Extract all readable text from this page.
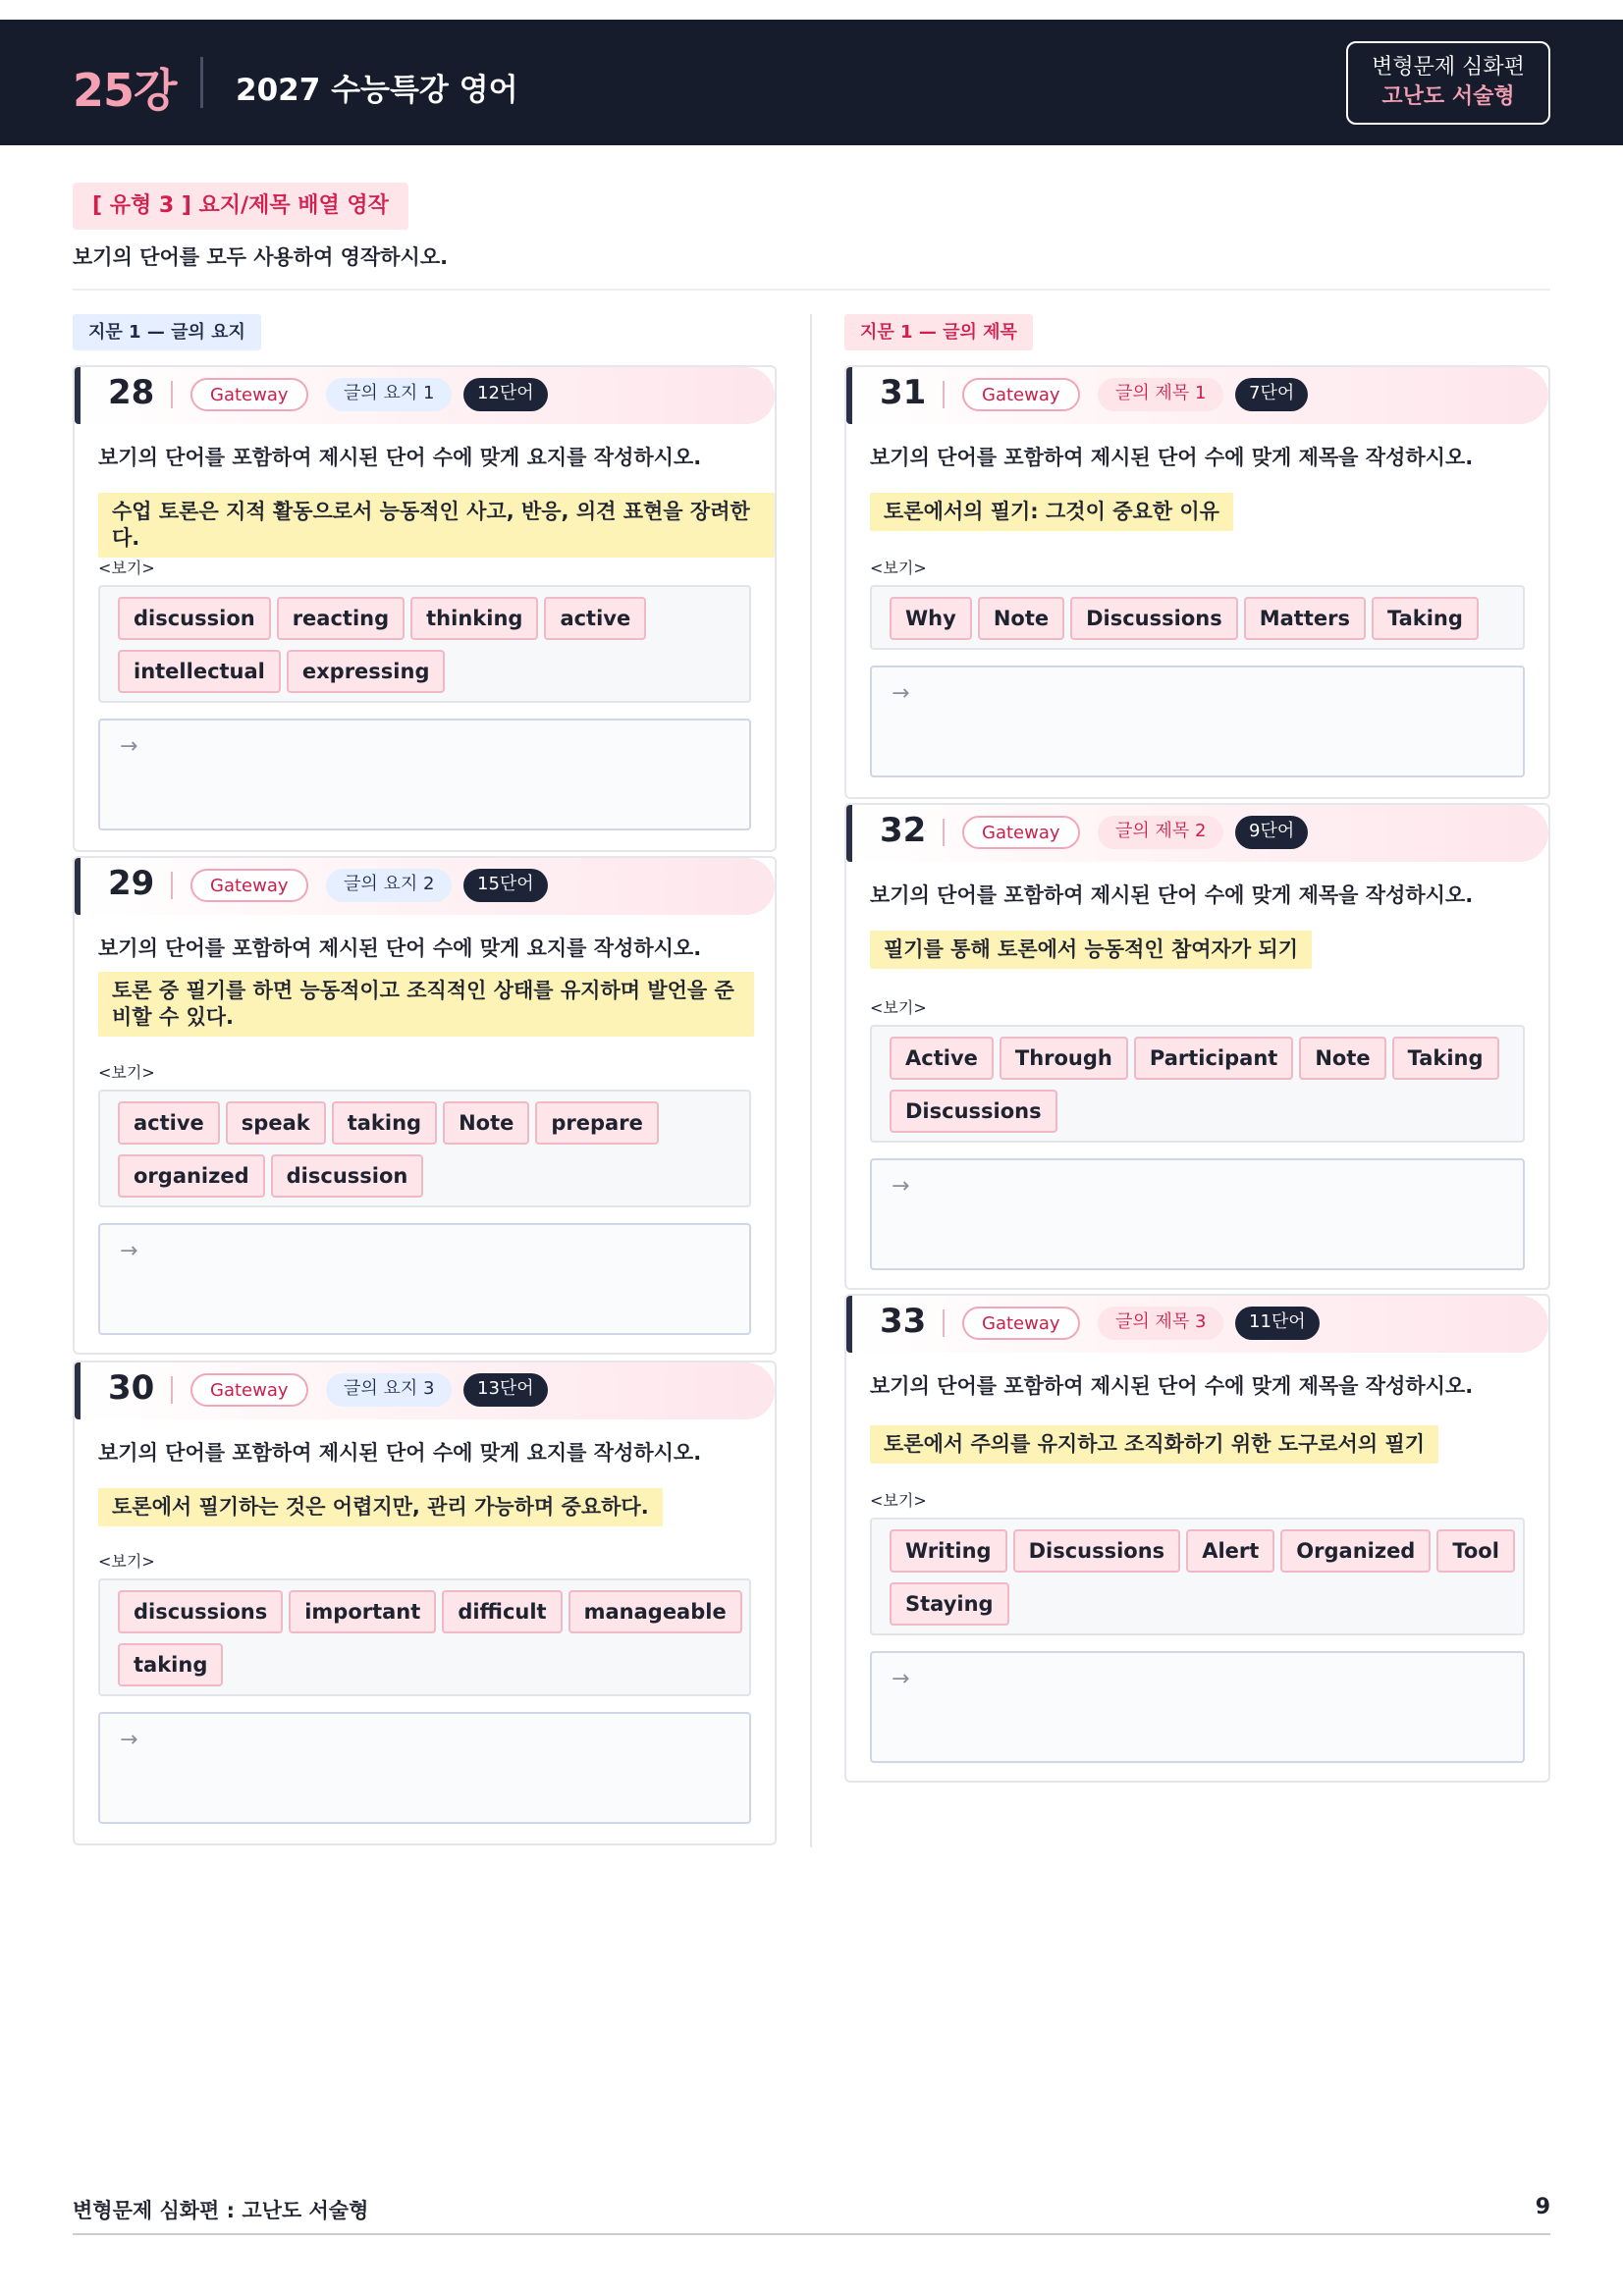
25강 2027 수능특강 영어
변형문제 심화편
고난도 서술형
[ 유형 3 ] 요지/제목 배열 영작
보기의 단어를 모두 사용하여 영작하시오.
지문 1 — 글의 요지	지문 1 — 글의 제목
28	Gateway	글의 요지 1	12단어
보기의 단어를 포함하여 제시된 단어 수에 맞게 요지를 작성하시오.
수업 토론은 지적 활동으로서 능동적인 사고, 반응, 의견 표현을 장려한다.
<보기>
discussion	reacting	thinking	active
intellectual	expressing
→
29	Gateway	글의 요지 2	15단어
보기의 단어를 포함하여 제시된 단어 수에 맞게 요지를 작성하시오.
토론 중 필기를 하면 능동적이고 조직적인 상태를 유지하며 발언을 준비할 수 있다.
<보기>
active	speak	taking	Note	prepare
organized	discussion
→
30	Gateway	글의 요지 3	13단어
보기의 단어를 포함하여 제시된 단어 수에 맞게 요지를 작성하시오.
토론에서 필기하는 것은 어렵지만, 관리 가능하며 중요하다.
<보기>
discussions	important	difficult	manageable
taking
→
31	Gateway	글의 제목 1	7단어
보기의 단어를 포함하여 제시된 단어 수에 맞게 제목을 작성하시오.
토론에서의 필기: 그것이 중요한 이유
<보기>
Why	Note	Discussions	Matters	Taking
→
32	Gateway	글의 제목 2	9단어
보기의 단어를 포함하여 제시된 단어 수에 맞게 제목을 작성하시오.
필기를 통해 토론에서 능동적인 참여자가 되기
<보기>
Active	Through	Participant	Note	Taking
Discussions
→
33	Gateway	글의 제목 3	11단어
보기의 단어를 포함하여 제시된 단어 수에 맞게 제목을 작성하시오.
토론에서 주의를 유지하고 조직화하기 위한 도구로서의 필기
<보기>
Writing	Discussions	Alert	Organized	Tool
Staying
→
변형문제 심화편 : 고난도 서술형	9
